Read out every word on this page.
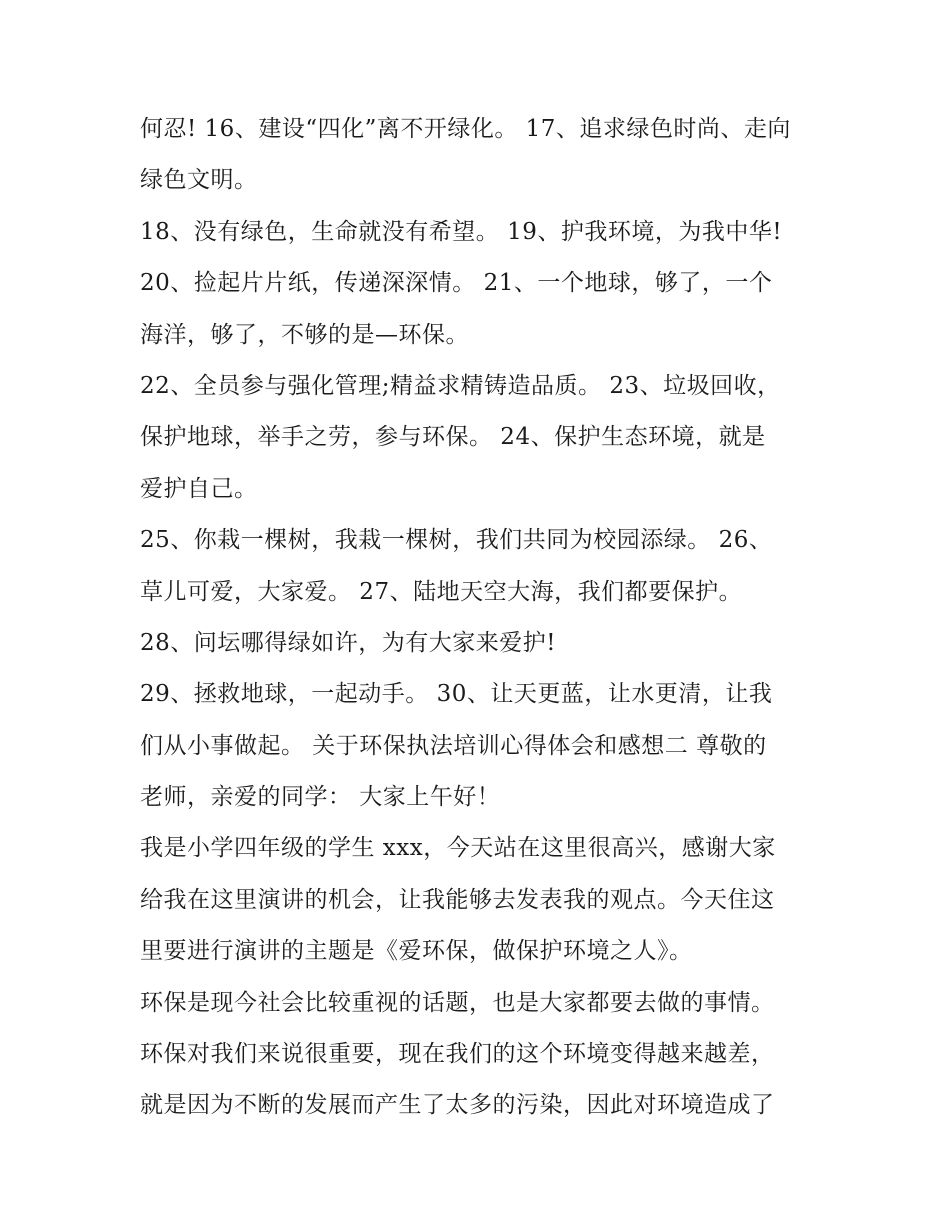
何忍! 16、建设“四化”离不开绿化。 17、追求绿色时尚、走向
绿色文明。
18、没有绿色，生命就没有希望。 19、护我环境，为我中华!
20、捡起片片纸，传递深深情。 21、一个地球，够了，一个
海洋，够了，不够的是—环保。
22、全员参与强化管理;精益求精铸造品质。 23、垃圾回收，
保护地球，举手之劳，参与环保。 24、保护生态环境，就是
爱护自己。
25、你栽一棵树，我栽一棵树，我们共同为校园添绿。 26、
草儿可爱，大家爱。 27、陆地天空大海，我们都要保护。
28、问坛哪得绿如许，为有大家来爱护!
29、拯救地球，一起动手。 30、让天更蓝，让水更清，让我
们从小事做起。 关于环保执法培训心得体会和感想二 尊敬的
老师，亲爱的同学： 大家上午好！
我是小学四年级的学生 xxx，今天站在这里很高兴，感谢大家
给我在这里演讲的机会，让我能够去发表我的观点。今天住这
里要进行演讲的主题是《爱环保，做保护环境之人》。
环保是现今社会比较重视的话题，也是大家都要去做的事情。
环保对我们来说很重要，现在我们的这个环境变得越来越差，
就是因为不断的发展而产生了太多的污染，因此对环境造成了
